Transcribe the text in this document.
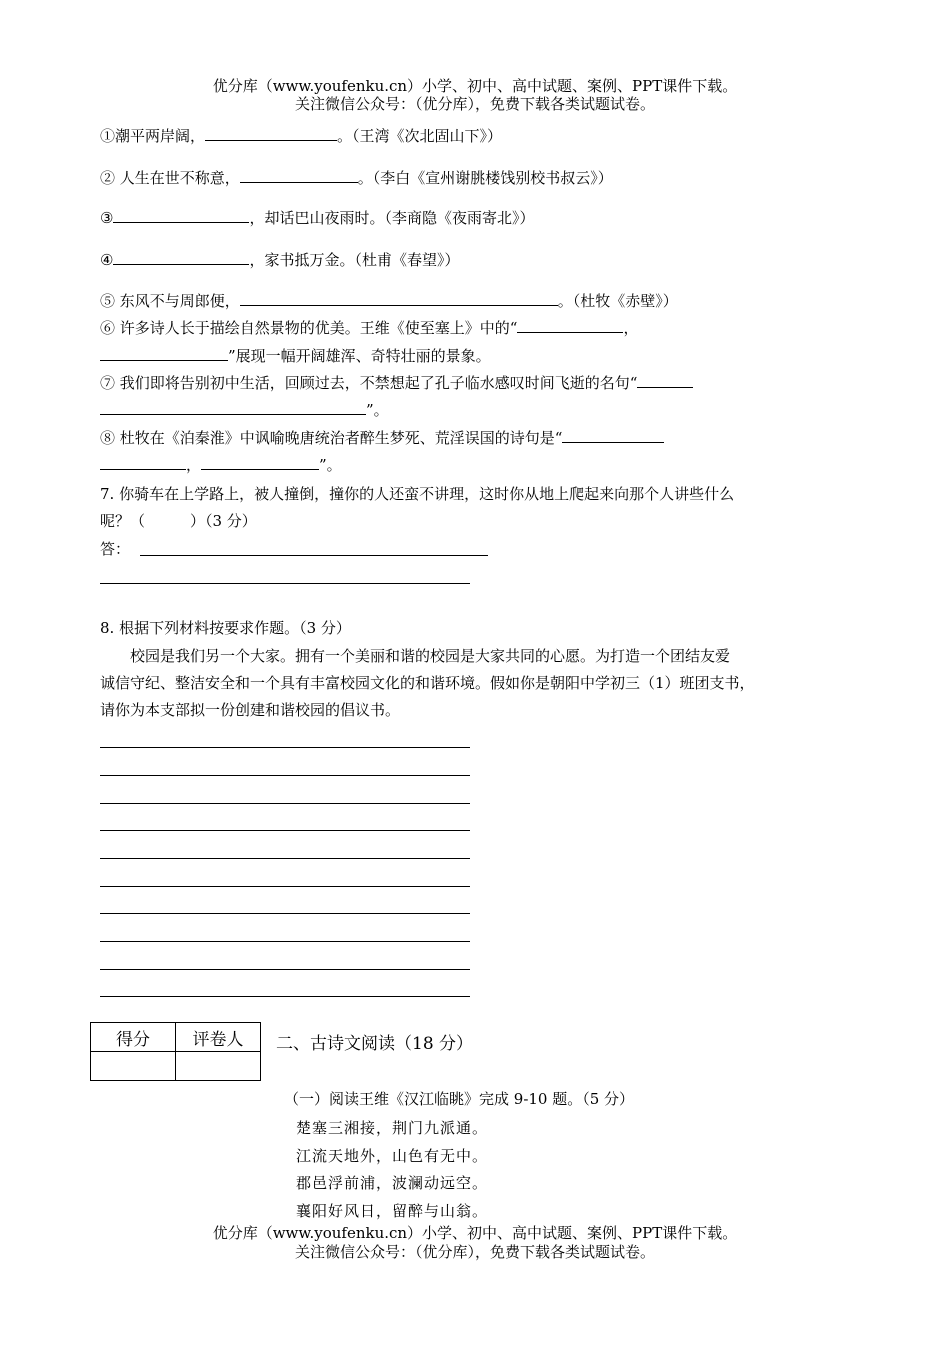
优分库（www.youfenku.cn）小学、初中、高中试题、案例、PPT课件下载。
关注微信公众号：（优分库），免费下载各类试题试卷。
①潮平两岸阔，	。（王湾《次北固山下》）
② 人生在世不称意，	。（李白《宣州谢朓楼饯别校书叔云》）
③	，却话巴山夜雨时。（李商隐《夜雨寄北》）
④	，家书抵万金。（杜甫《春望》）
⑤ 东风不与周郎便，	。（杜牧《赤壁》）
⑥ 许多诗人长于描绘自然景物的优美。王维《使至塞上》中的“	，
”展现一幅开阔雄浑、奇特壮丽的景象。
⑦ 我们即将告别初中生活，回顾过去，不禁想起了孔子临水感叹时间飞逝的名句“
”。
⑧ 杜牧在《泊秦淮》中讽喻晚唐统治者醉生梦死、荒淫误国的诗句是“
，	”。
7. 你骑车在上学路上，被人撞倒，撞你的人还蛮不讲理，这时你从地上爬起来向那个人讲些什么
呢？（　　　）（3 分）
答：
8. 根据下列材料按要求作题。（3 分）
校园是我们另一个大家。拥有一个美丽和谐的校园是大家共同的心愿。为打造一个团结友爱
诚信守纪、整洁安全和一个具有丰富校园文化的和谐环境。假如你是朝阳中学初三（1）班团支书，
请你为本支部拟一份创建和谐校园的倡议书。
得分	评卷人
	二、古诗文阅读（18 分）
（一）阅读王维《汉江临眺》完成 9-10 题。（5 分）
楚塞三湘接，荆门九派通。
江流天地外，山色有无中。
郡邑浮前浦，波澜动远空。
襄阳好风日，留醉与山翁。
优分库（www.youfenku.cn）小学、初中、高中试题、案例、PPT课件下载。
关注微信公众号：（优分库），免费下载各类试题试卷。
